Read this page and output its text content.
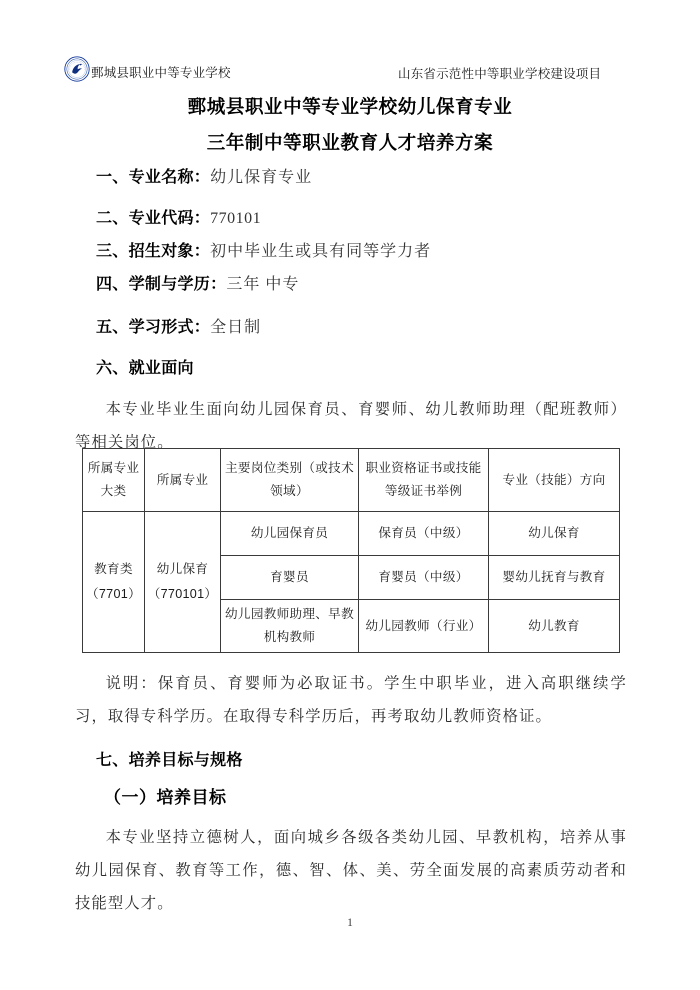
鄄城县职业中等专业学校	山东省示范性中等职业学校建设项目
鄄城县职业中等专业学校幼儿保育专业
三年制中等职业教育人才培养方案
一、专业名称：幼儿保育专业
二、专业代码：770101
三、招生对象：初中毕业生或具有同等学力者
四、学制与学历：三年 中专
五、学习形式：全日制
六、就业面向

本专业毕业生面向幼儿园保育员、育婴师、幼儿教师助理（配班教师）等相关岗位。

所属专业大类	所属专业	主要岗位类别（或技术领域）	职业资格证书或技能等级证书举例	专业（技能）方向
教育类（7701）	幼儿保育（770101）	幼儿园保育员	保育员（中级）	幼儿保育
		育婴员	育婴员（中级）	婴幼儿抚育与教育
		幼儿园教师助理、早教机构教师	幼儿园教师（行业）	幼儿教育

说明：保育员、育婴师为必取证书。学生中职毕业，进入高职继续学习，取得专科学历。在取得专科学历后，再考取幼儿教师资格证。

七、培养目标与规格
（一）培养目标

本专业坚持立德树人，面向城乡各级各类幼儿园、早教机构，培养从事幼儿园保育、教育等工作，德、智、体、美、劳全面发展的高素质劳动者和技能型人才。

1
